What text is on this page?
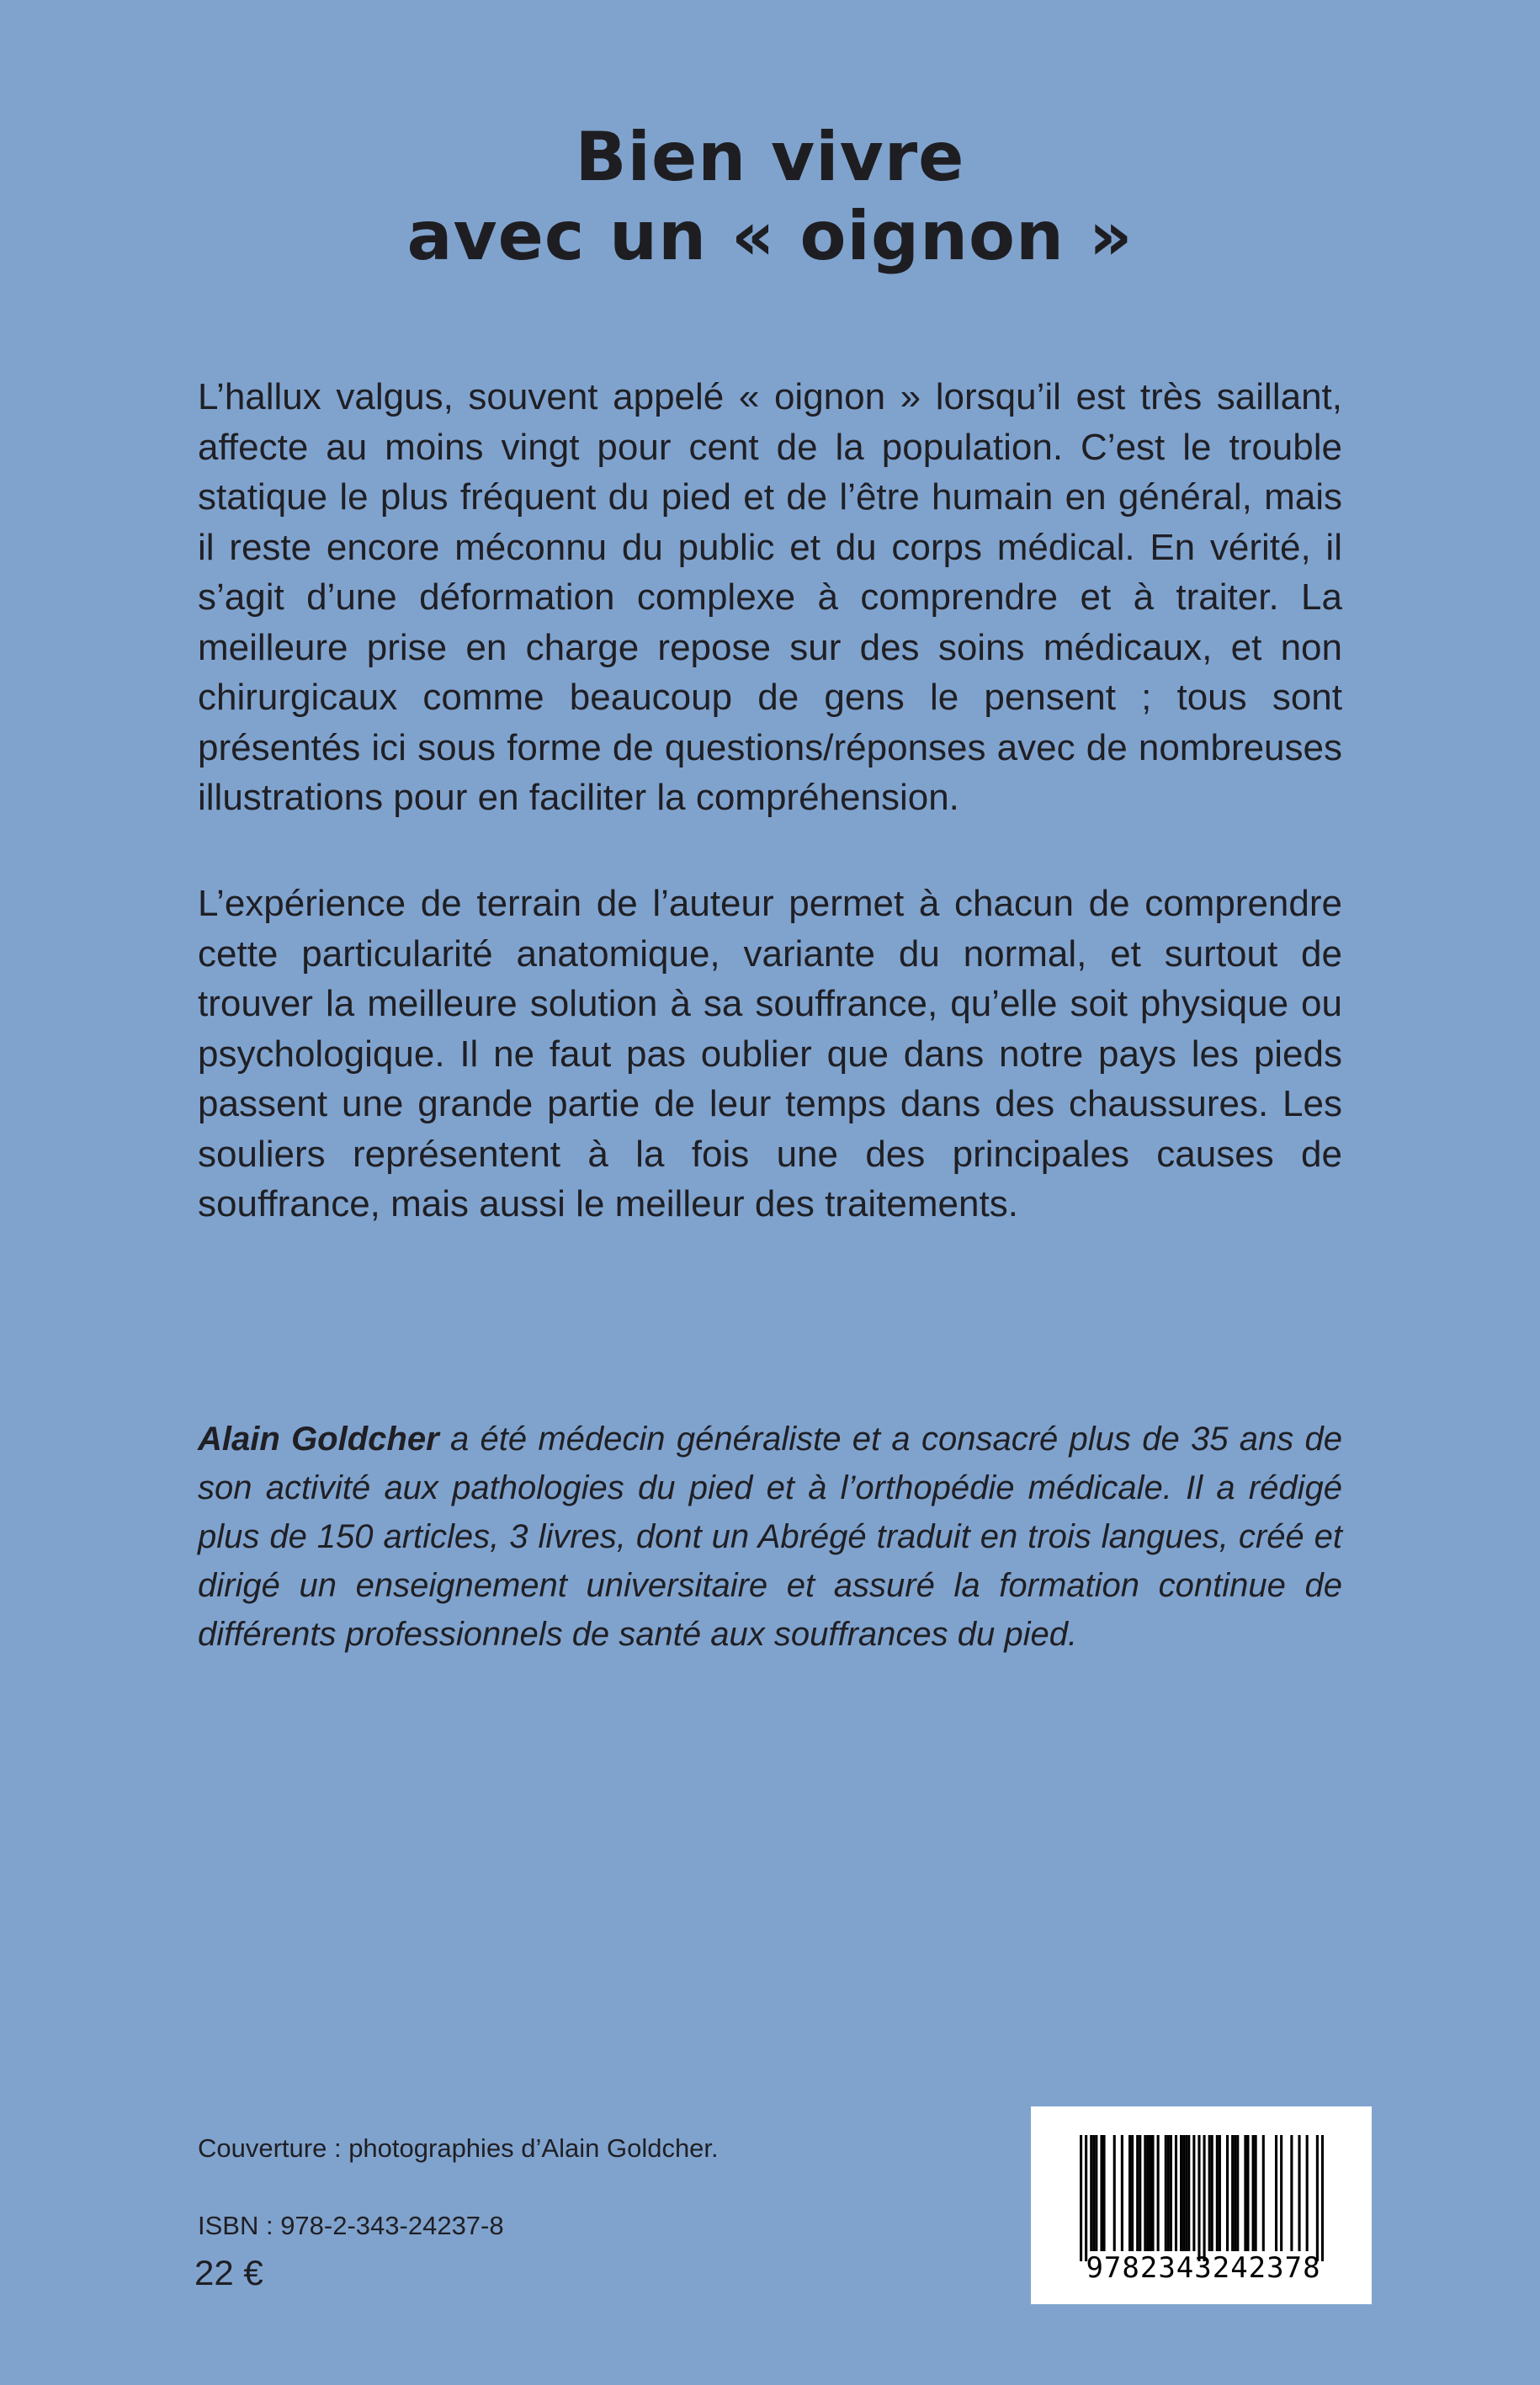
Bien vivre
avec un « oignon »

L’hallux valgus, souvent appelé « oignon » lorsqu’il est très saillant, affecte au moins vingt pour cent de la population. C’est le trouble statique le plus fréquent du pied et de l’être humain en général, mais il reste encore méconnu du public et du corps médical. En vérité, il s’agit d’une déformation complexe à comprendre et à traiter. La meilleure prise en charge repose sur des soins médicaux, et non chirurgicaux comme beaucoup de gens le pensent ; tous sont présentés ici sous forme de questions/réponses avec de nombreuses illustrations pour en faciliter la compréhension.

L’expérience de terrain de l’auteur permet à chacun de comprendre cette particularité anatomique, variante du normal, et surtout de trouver la meilleure solution à sa souffrance, qu’elle soit physique ou psychologique. Il ne faut pas oublier que dans notre pays les pieds passent une grande partie de leur temps dans des chaussures. Les souliers représentent à la fois une des principales causes de souffrance, mais aussi le meilleur des traitements.

Alain Goldcher a été médecin généraliste et a consacré plus de 35 ans de son activité aux pathologies du pied et à l’orthopédie médicale. Il a rédigé plus de 150 articles, 3 livres, dont un Abrégé traduit en trois langues, créé et dirigé un enseignement universitaire et assuré la formation continue de différents professionnels de santé aux souffrances du pied.

Couverture : photographies d’Alain Goldcher.

ISBN : 978-2-343-24237-8

22 €	9782343242378
